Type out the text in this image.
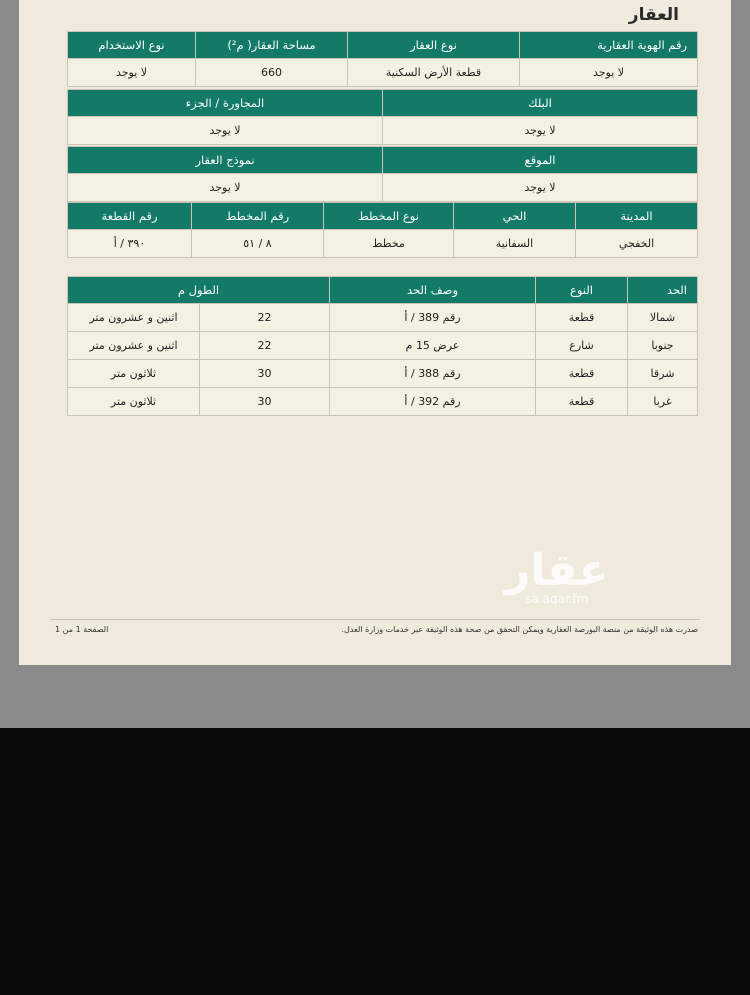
العقار
رقم الهوية العقارية	نوع العقار	مساحة العقار( م²)	نوع الاستخدام
لا يوجد	قطعة الأرض السكنية	660	لا يوجد
البلك	المجاورة / الجزء
لا يوجد	لا يوجد
الموقع	نموذج العقار
لا يوجد	لا يوجد
المدينة	الحي	نوع المخطط	رقم المخطط	رقم القطعة
الخفجي	السفانية	مخطط	٨ / ٥١	٣٩٠ / أ
الحد	النوع	وصف الحد	الطول م	
شمالا	قطعة	رقم 389 / أ	22	اثنين و عشرون متر
جنوبا	شارع	عرض 15 م	22	اثنين و عشرون متر
شرقا	قطعة	رقم 388 / أ	30	ثلاثون متر
غربا	قطعة	رقم 392 / أ	30	ثلاثون متر
عقار
sa.aqar.fm
صدرت هذه الوثيقة من منصة البورصة العقارية ويمكن التحقق من صحة هذه الوثيقة عبر خدمات وزارة العدل.
الصفحة 1 من 1
